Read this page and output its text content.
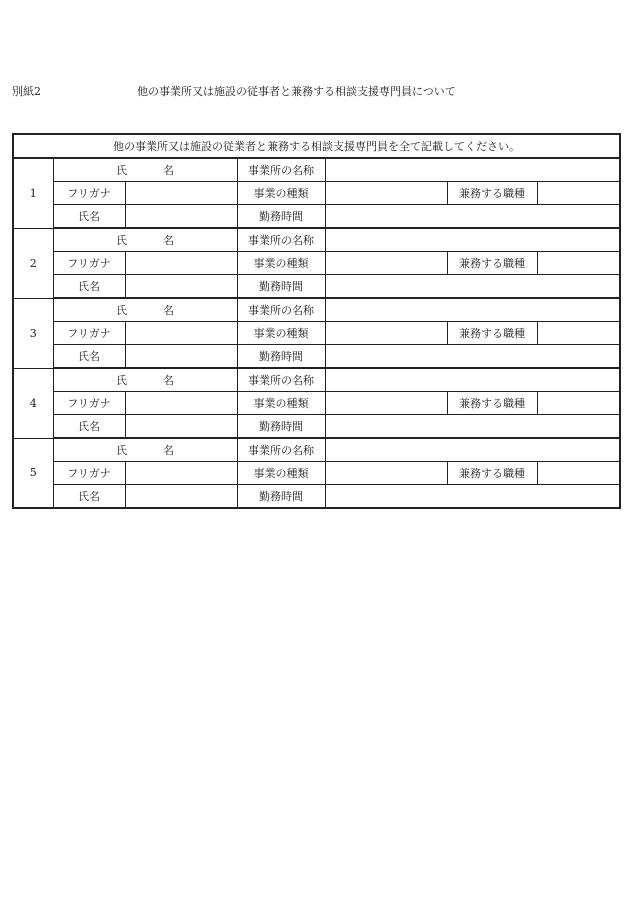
別紙2	他の事業所又は施設の従事者と兼務する相談支援専門員について
他の事業所又は施設の従業者と兼務する相談支援専門員を全て記載してください。						
1	氏 名		事業所の名称			
	フリガナ		事業の種類		兼務する職種	
	氏名		勤務時間			
2	氏 名		事業所の名称			
	フリガナ		事業の種類		兼務する職種	
	氏名		勤務時間			
3	氏 名		事業所の名称			
	フリガナ		事業の種類		兼務する職種	
	氏名		勤務時間			
4	氏 名		事業所の名称			
	フリガナ		事業の種類		兼務する職種	
	氏名		勤務時間			
5	氏 名		事業所の名称			
	フリガナ		事業の種類		兼務する職種	
	氏名		勤務時間			
